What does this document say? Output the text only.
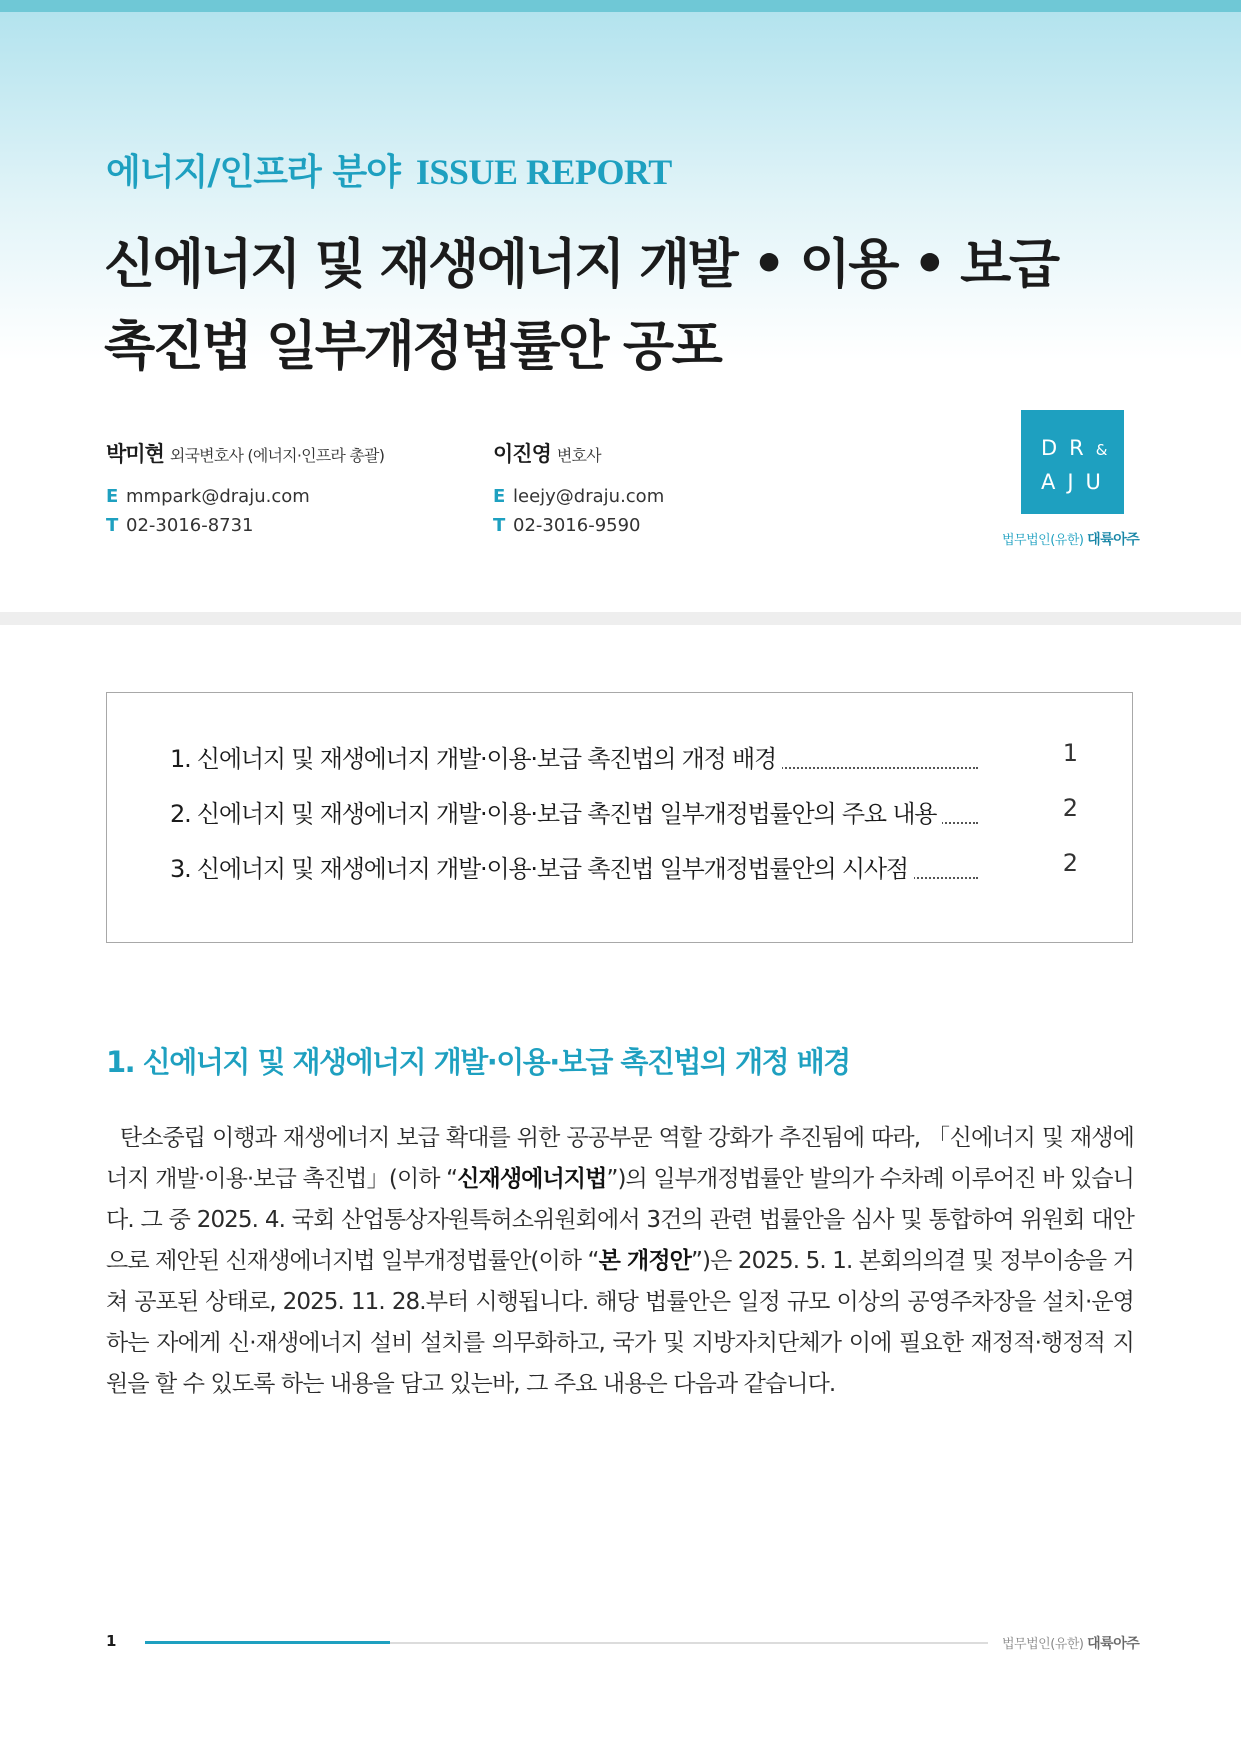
에너지/인프라 분야 ISSUE REPORT
신에너지 및 재생에너지 개발 • 이용 • 보급
촉진법 일부개정법률안 공포
박미현 외국변호사 (에너지·인프라 총괄)
E mmpark@draju.com
T 02-3016-8731
이진영 변호사
E leejy@draju.com
T 02-3016-9590
DR&
AJU
법무법인(유한) 대륙아주
1. 신에너지 및 재생에너지 개발·이용·보급 촉진법의 개정 배경	1
2. 신에너지 및 재생에너지 개발·이용·보급 촉진법 일부개정법률안의 주요 내용	2
3. 신에너지 및 재생에너지 개발·이용·보급 촉진법 일부개정법률안의 시사점	2
1. 신에너지 및 재생에너지 개발·이용·보급 촉진법의 개정 배경

탄소중립 이행과 재생에너지 보급 확대를 위한 공공부문 역할 강화가 추진됨에 따라, 「신에너지 및 재생에너지 개발·이용·보급 촉진법」(이하 “신재생에너지법”)의 일부개정법률안 발의가 수차례 이루어진 바 있습니다. 그 중 2025. 4. 국회 산업통상자원특허소위원회에서 3건의 관련 법률안을 심사 및 통합하여 위원회 대안으로 제안된 신재생에너지법 일부개정법률안(이하 “본 개정안”)은 2025. 5. 1. 본회의의결 및 정부이송을 거쳐 공포된 상태로, 2025. 11. 28.부터 시행됩니다. 해당 법률안은 일정 규모 이상의 공영주차장을 설치·운영하는 자에게 신·재생에너지 설비 설치를 의무화하고, 국가 및 지방자치단체가 이에 필요한 재정적·행정적 지원을 할 수 있도록 하는 내용을 담고 있는바, 그 주요 내용은 다음과 같습니다.

1	법무법인(유한) 대륙아주
